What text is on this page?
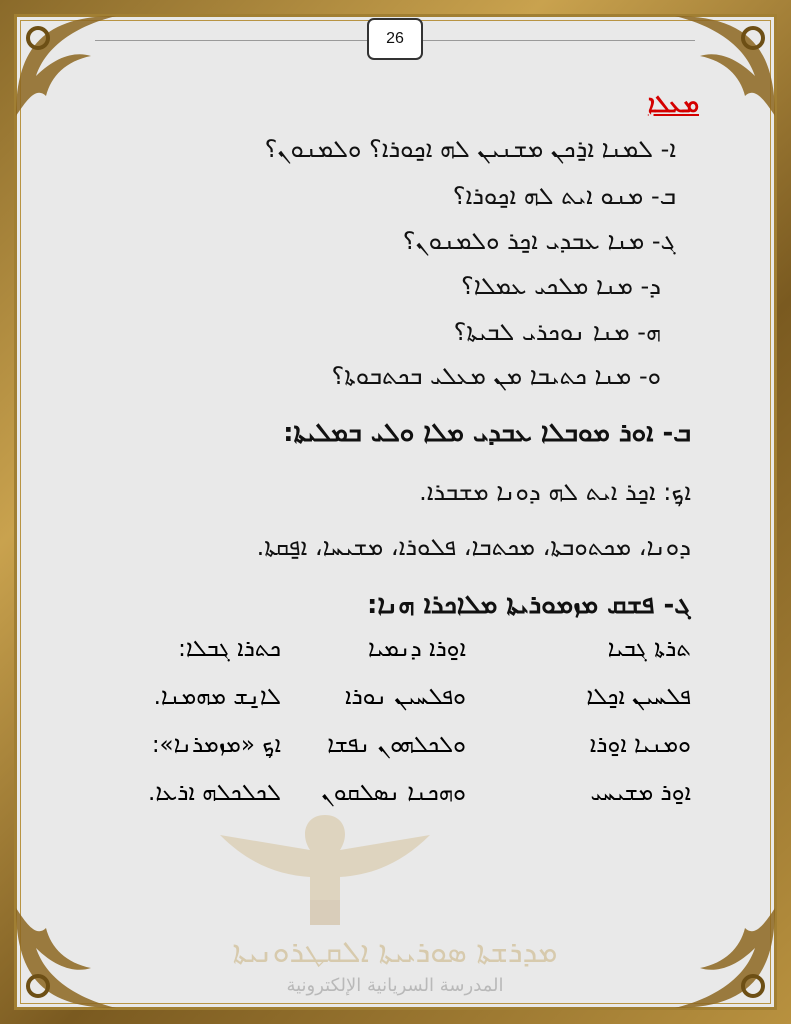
26
ܡܕܪܫܬܐ ܣܘܪܝܝܬܐ ܐܠܩܛܪܘܢܝܬܐ
المدرسة السريانية الإلكترونية
ܡܥܠܐ
ܐ- ܠܡܢܐ ܐ̱ܪܟܢ ܡܫܢܝܢ ܠܗ ܐ̱ܟܘܪܐ؟ ܘܠܡܢܘܢ؟
ܒ- ܡܢܘ ܐܝܬ ܠܗ ܐ̱ܟܘܪܐ؟
ܓ- ܡܢܐ ܥܒܕܝ ܐ̱ܟܪ ܘܠܡܢܘܢ؟
ܕ- ܡܢܐ ܡܠܟܝ ܥܡܠܐ؟
ܗ- ܡܢܐ ܢܘܟܪܝ ܠܒܝܬܐ؟
ܘ- ܡܢܐ ܟܬܝܒܐ ܡܢ ܡܥܠܝ ܒܟܬܒܘܬܐ؟
ܒ- ܐܘܪ ܡܘܒܠܐ ܥܒܕܝ ܡܠܐ ܘܠܝ ܒܡܠܝܬܐ:
ܐ̱ܟ: ܐ̱ܟܪ ܐܝܬ ܠܗ ܕܘܢܐ ܡܫܒܪܐ.
ܕܘܢܐ، ܡܟܬܘܒܬܐ، ܡܟܬܒܐ، ܦܠܘܪܐ، ܡܫܝܚܐ، ܐ̱ܦܩܬܐ.
ܓ- ܦܫܩ ܡܙܡܘܪܝܬܐ ܡܠܐܟܪܐ ܗܢܐ:
ܬܪܬܐ ܓܒܝܐ
ܐ̱ܘܪܐ ܕܢܡܝܐ
ܟܬܪܐ ܓܒܠܐ:
ܦܠܚܝܢ ܐ̱ܟܠܐ
ܘܦܠܚܝܢ ܢܘܪܐ
ܠܐ̱ܢܫ ܡܗܡܢܐ.
ܘܡܢܝܐ ܐ̱ܘܪܐ
ܘܠܟܠܗܘܢ ܢܦܫܐ
ܐ̱ܟ «ܡܙܡܪܢܐ»:
ܐ̱ܘܪ ܡܫܝܚܝ
ܘܗܟܢܐ ܢܣܠܩܘܢ
ܠܟܠܟܠܗ ܐܪܥܐ.
